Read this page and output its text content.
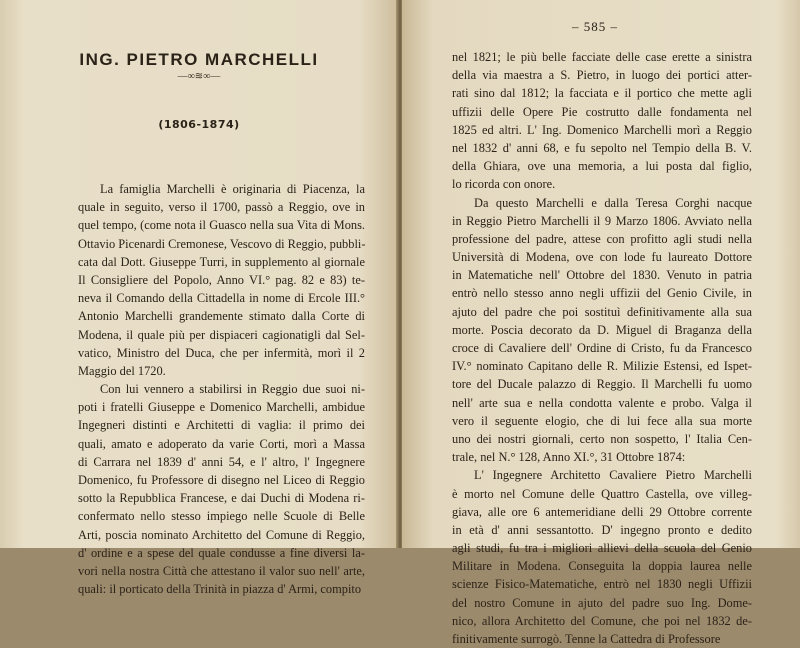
ING. PIETRO MARCHELLI
—∞≋∞—
(1806-1874)
La famiglia Marchelli è originaria di Piacenza, la
quale in seguito, verso il 1700, passò a Reggio, ove in
quel tempo, (come nota il Guasco nella sua Vita di Mons.
Ottavio Picenardi Cremonese, Vescovo di Reggio, pubbli-
cata dal Dott. Giuseppe Turri, in supplemento al giornale
Il Consigliere del Popolo, Anno VI.° pag. 82 e 83) te-
neva il Comando della Cittadella in nome di Ercole III.°
Antonio Marchelli grandemente stimato dalla Corte di
Modena, il quale più per dispiaceri cagionatigli dal Sel-
vatico, Ministro del Duca, che per infermità, morì il 2
Maggio del 1720.
Con lui vennero a stabilirsi in Reggio due suoi ni-
poti i fratelli Giuseppe e Domenico Marchelli, ambidue
Ingegneri distinti e Architetti di vaglia: il primo dei
quali, amato e adoperato da varie Corti, morì a Massa
di Carrara nel 1839 d' anni 54, e l' altro, l' Ingegnere
Domenico, fu Professore di disegno nel Liceo di Reggio
sotto la Repubblica Francese, e dai Duchi di Modena ri-
confermato nello stesso impiego nelle Scuole di Belle
Arti, poscia nominato Architetto del Comune di Reggio,
d' ordine e a spese del quale condusse a fine diversi la-
vori nella nostra Città che attestano il valor suo nell' arte,
quali: il porticato della Trinità in piazza d' Armi, compito
– 585 –
nel 1821; le più belle facciate delle case erette a sinistra
della via maestra a S. Pietro, in luogo dei portici atter-
rati sino dal 1812; la facciata e il portico che mette agli
uffizii delle Opere Pie costrutto dalle fondamenta nel
1825 ed altri. L' Ing. Domenico Marchelli morì a Reggio
nel 1832 d' anni 68, e fu sepolto nel Tempio della B. V.
della Ghiara, ove una memoria, a lui posta dal figlio,
lo ricorda con onore.
Da questo Marchelli e dalla Teresa Corghi nacque
in Reggio Pietro Marchelli il 9 Marzo 1806. Avviato nella
professione del padre, attese con profitto agli studi nella
Università di Modena, ove con lode fu laureato Dottore
in Matematiche nell' Ottobre del 1830. Venuto in patria
entrò nello stesso anno negli uffizii del Genio Civile, in
ajuto del padre che poi sostituì definitivamente alla sua
morte. Poscia decorato da D. Miguel di Braganza della
croce di Cavaliere dell' Ordine di Cristo, fu da Francesco
IV.° nominato Capitano delle R. Milizie Estensi, ed Ispet-
tore del Ducale palazzo di Reggio. Il Marchelli fu uomo
nell' arte sua e nella condotta valente e probo. Valga il
vero il seguente elogio, che di lui fece alla sua morte
uno dei nostri giornali, certo non sospetto, l' Italia Cen-
trale, nel N.° 128, Anno XI.°, 31 Ottobre 1874:
L' Ingegnere Architetto Cavaliere Pietro Marchelli
è morto nel Comune delle Quattro Castella, ove villeg-
giava, alle ore 6 antemeridiane delli 29 Ottobre corrente
in età d' anni sessantotto. D' ingegno pronto e dedito
agli studi, fu tra i migliori allievi della scuola del Genio
Militare in Modena. Conseguita la doppia laurea nelle
scienze Fisico-Matematiche, entrò nel 1830 negli Uffizii
del nostro Comune in ajuto del padre suo Ing. Dome-
nico, allora Architetto del Comune, che poi nel 1832 de-
finitivamente surrogò. Tenne la Cattedra di Professore
